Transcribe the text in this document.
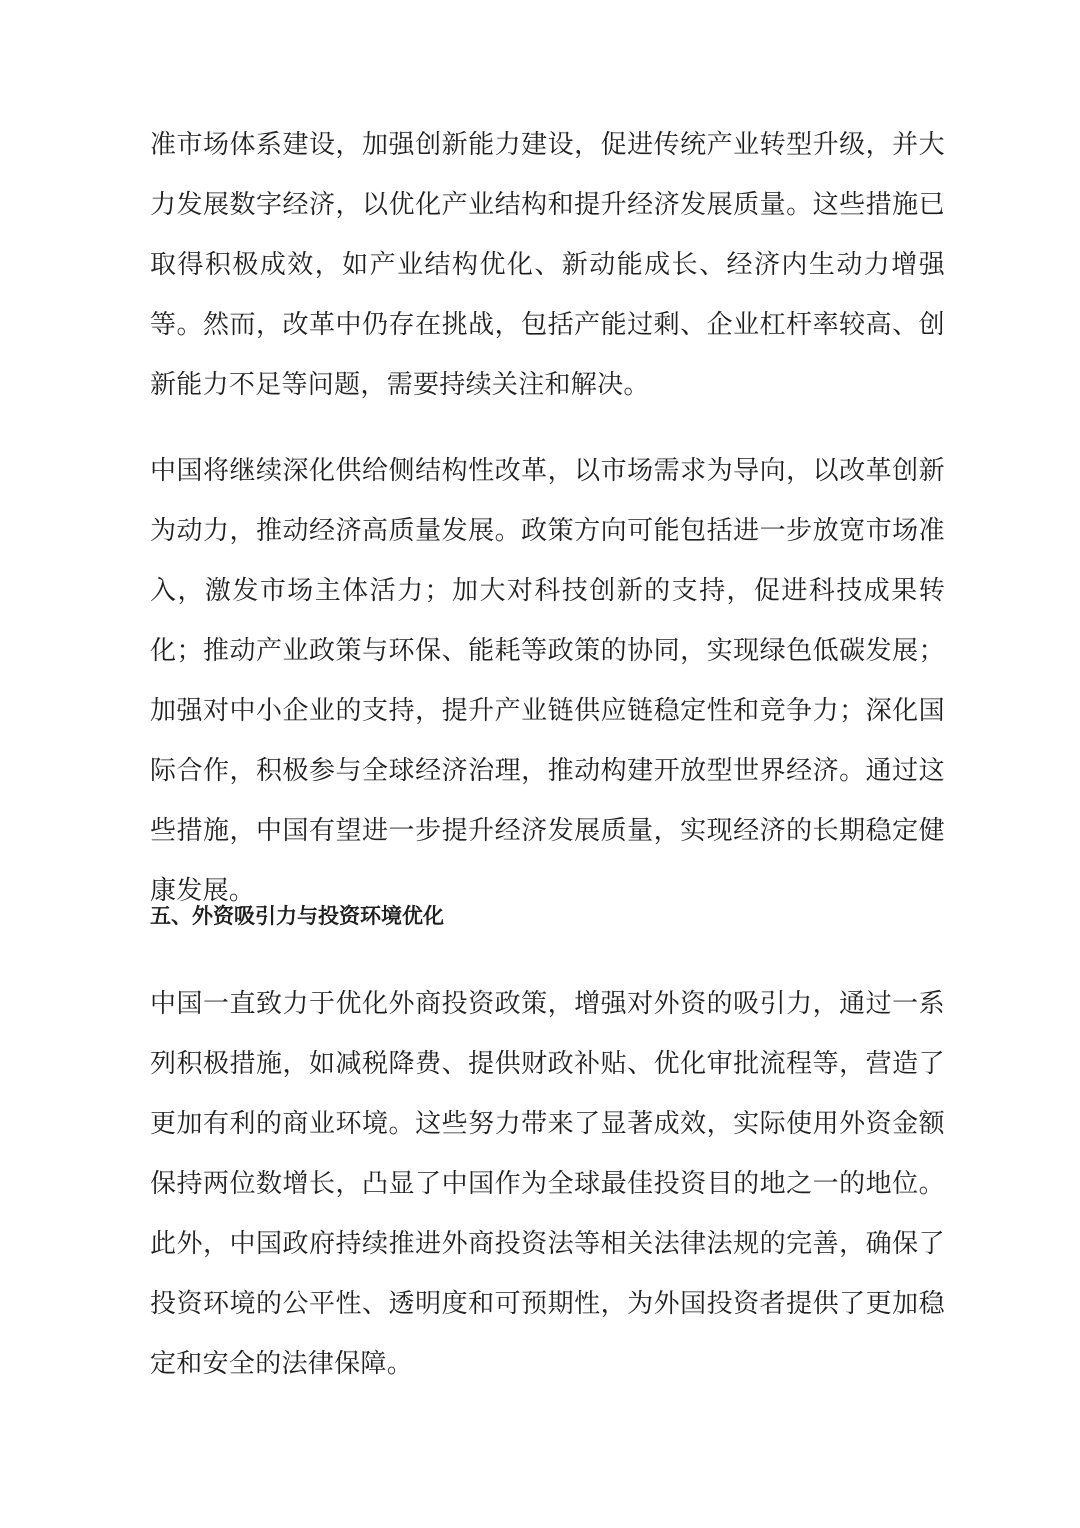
准市场体系建设，加强创新能力建设，促进传统产业转型升级，并大力发展数字经济，以优化产业结构和提升经济发展质量。这些措施已取得积极成效，如产业结构优化、新动能成长、经济内生动力增强等。然而，改革中仍存在挑战，包括产能过剩、企业杠杆率较高、创新能力不足等问题，需要持续关注和解决。

中国将继续深化供给侧结构性改革，以市场需求为导向，以改革创新为动力，推动经济高质量发展。政策方向可能包括进一步放宽市场准入，激发市场主体活力；加大对科技创新的支持，促进科技成果转化；推动产业政策与环保、能耗等政策的协同，实现绿色低碳发展；加强对中小企业的支持，提升产业链供应链稳定性和竞争力；深化国际合作，积极参与全球经济治理，推动构建开放型世界经济。通过这些措施，中国有望进一步提升经济发展质量，实现经济的长期稳定健康发展。

五、外资吸引力与投资环境优化

中国一直致力于优化外商投资政策，增强对外资的吸引力，通过一系列积极措施，如减税降费、提供财政补贴、优化审批流程等，营造了更加有利的商业环境。这些努力带来了显著成效，实际使用外资金额保持两位数增长，凸显了中国作为全球最佳投资目的地之一的地位。此外，中国政府持续推进外商投资法等相关法律法规的完善，确保了投资环境的公平性、透明度和可预期性，为外国投资者提供了更加稳定和安全的法律保障。
